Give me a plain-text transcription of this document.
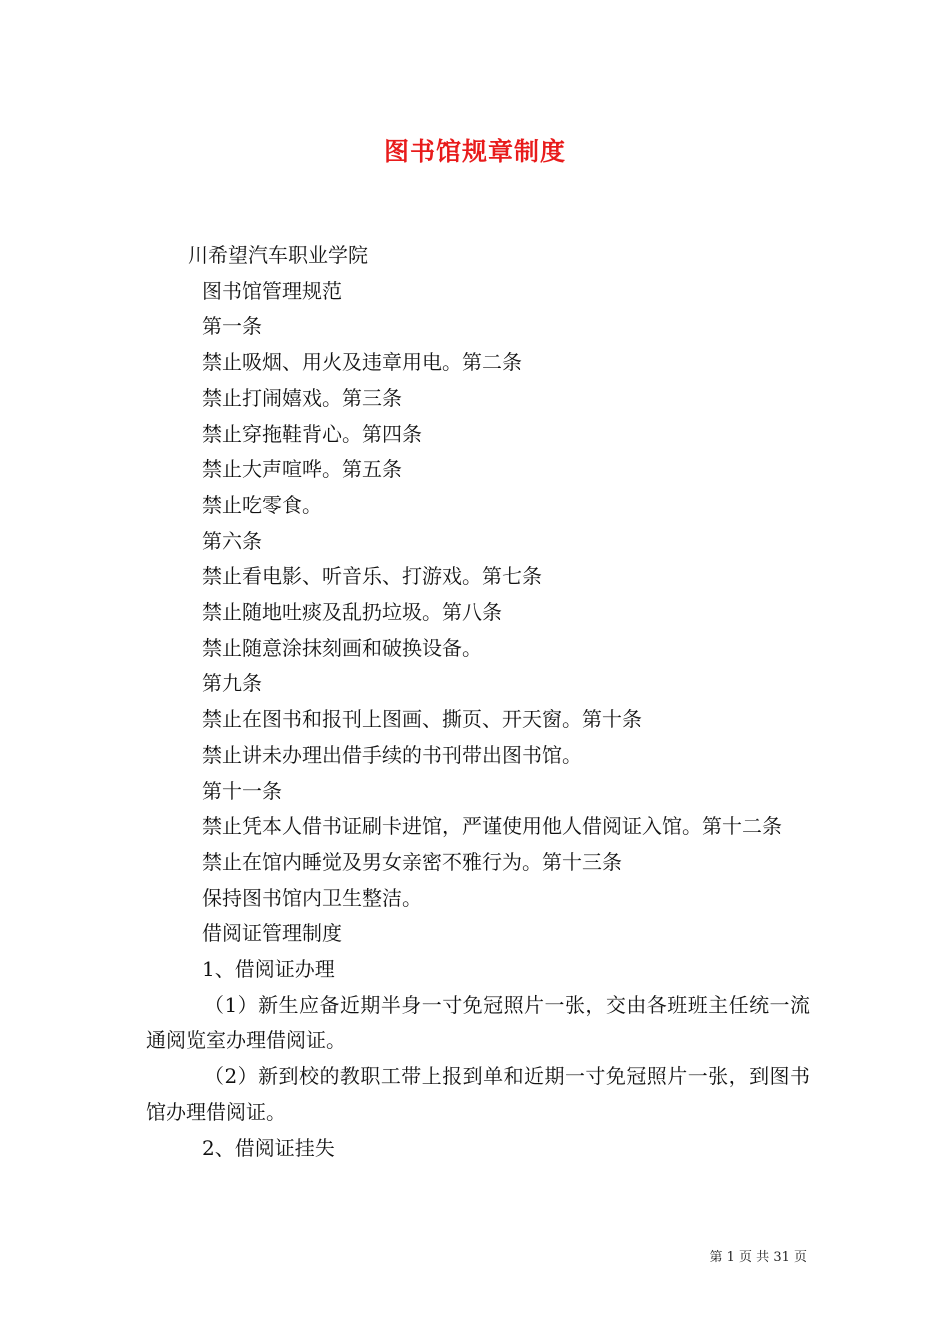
图书馆规章制度

川希望汽车职业学院

图书馆管理规范

第一条

禁止吸烟、用火及违章用电。第二条

禁止打闹嬉戏。第三条

禁止穿拖鞋背心。第四条

禁止大声喧哗。第五条

禁止吃零食。

第六条

禁止看电影、听音乐、打游戏。第七条

禁止随地吐痰及乱扔垃圾。第八条

禁止随意涂抹刻画和破换设备。

第九条

禁止在图书和报刊上图画、撕页、开天窗。第十条

禁止讲未办理出借手续的书刊带出图书馆。

第十一条

禁止凭本人借书证刷卡进馆，严谨使用他人借阅证入馆。第十二条

禁止在馆内睡觉及男女亲密不雅行为。第十三条

保持图书馆内卫生整洁。

借阅证管理制度

1、借阅证办理

（1）新生应备近期半身一寸免冠照片一张，交由各班班主任统一流通阅览室办理借阅证。

（2）新到校的教职工带上报到单和近期一寸免冠照片一张，到图书馆办理借阅证。

2、借阅证挂失

第 1 页 共 31 页
